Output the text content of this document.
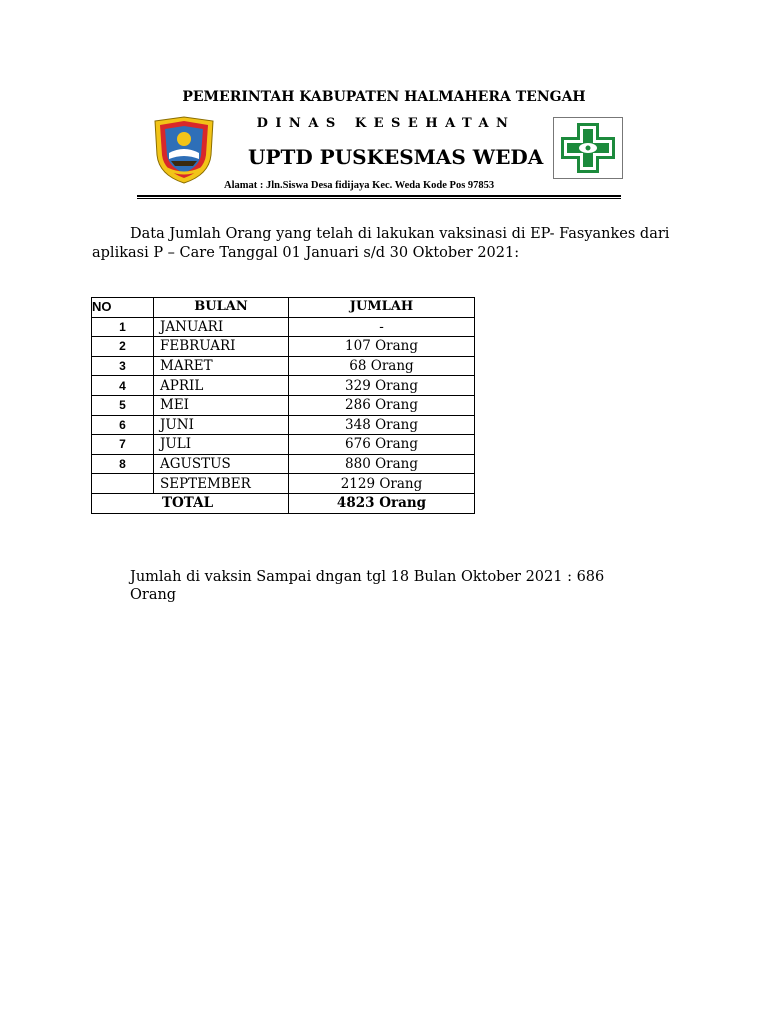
PEMERINTAH KABUPATEN HALMAHERA TENGAH
DINAS KESEHATAN
UPTD PUSKESMAS WEDA
Alamat : Jln.Siswa Desa fidijaya Kec. Weda Kode Pos 97853
Data Jumlah Orang yang telah di lakukan vaksinasi di EP- Fasyankes dari aplikasi P – Care Tanggal 01 Januari s/d 30 Oktober 2021:
NO	BULAN	JUMLAH
1	JANUARI	-
2	FEBRUARI	107 Orang
3	MARET	68 Orang
4	APRIL	329 Orang
5	MEI	286 Orang
6	JUNI	348 Orang
7	JULI	676 Orang
8	AGUSTUS	880 Orang
	SEPTEMBER	2129 Orang
TOTAL		4823 Orang
Jumlah di vaksin Sampai dngan tgl 18 Bulan Oktober 2021 : 686 Orang
